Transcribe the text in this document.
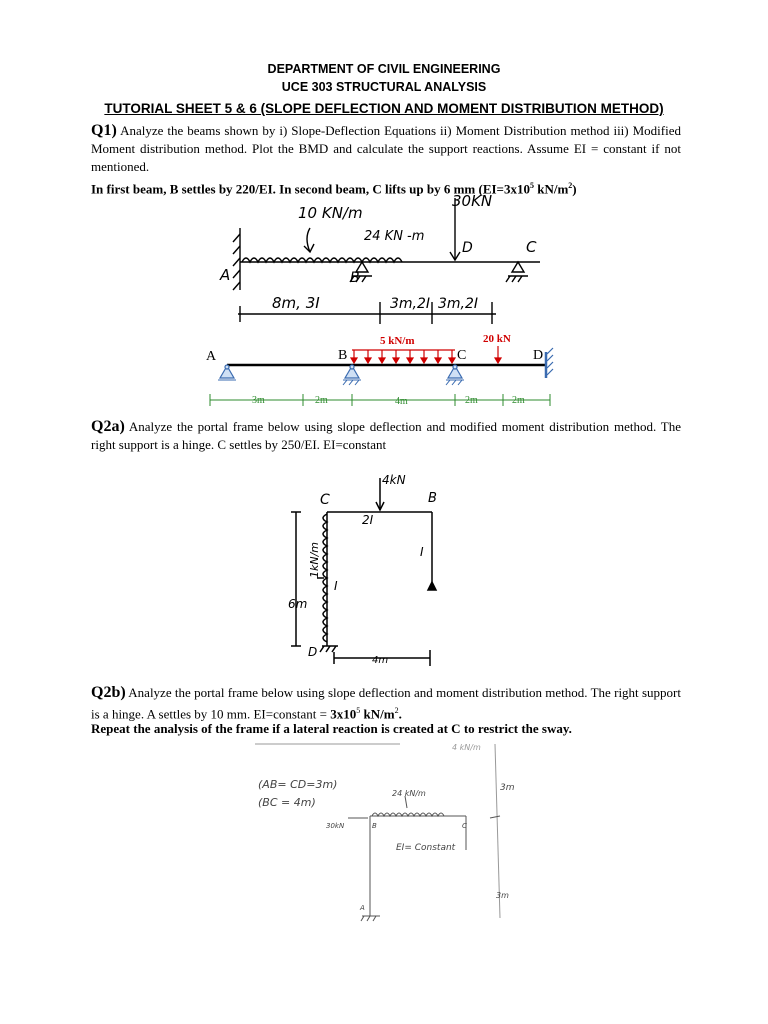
DEPARTMENT OF CIVIL ENGINEERING
UCE 303 STRUCTURAL ANALYSIS
TUTORIAL SHEET 5 & 6 (SLOPE DEFLECTION AND MOMENT DISTRIBUTION METHOD)
Q1) Analyze the beams shown by i) Slope-Deflection Equations ii) Moment Distribution method iii) Modified Moment distribution method. Plot the BMD and calculate the support reactions. Assume EI = constant if not mentioned.
In first beam, B settles by 220/EI. In second beam, C lifts up by 6 mm ($EI=3x10^5$ $kN/m^2$)
10 KN/m
30KN
24 KN -m
A	B
D	C
8m, 3I	3m,2I 3m,2I
3m	2m	4m	2m	2m
A	B	C	D
5 kN/m	20 kN
Q2a) Analyze the portal frame below using slope deflection and modified moment distribution method. The right support is a hinge. C settles by 250/EI. EI=constant
4kN
1kN/m
C	B
D
2I
I
I
6m
4m
Q2b) Analyze the portal frame below using slope deflection and moment distribution method. The right support is a hinge. A settles by 10 mm. EI=constant = $3x10^5$ $kN/m^2$.
Repeat the analysis of the frame if a lateral reaction is created at C to restrict the sway.
(AB= CD=3m)
(BC = 4m)
24 kN/m
30kN	B	C
A
EI= Constant
3m
3m
4 kN/m
